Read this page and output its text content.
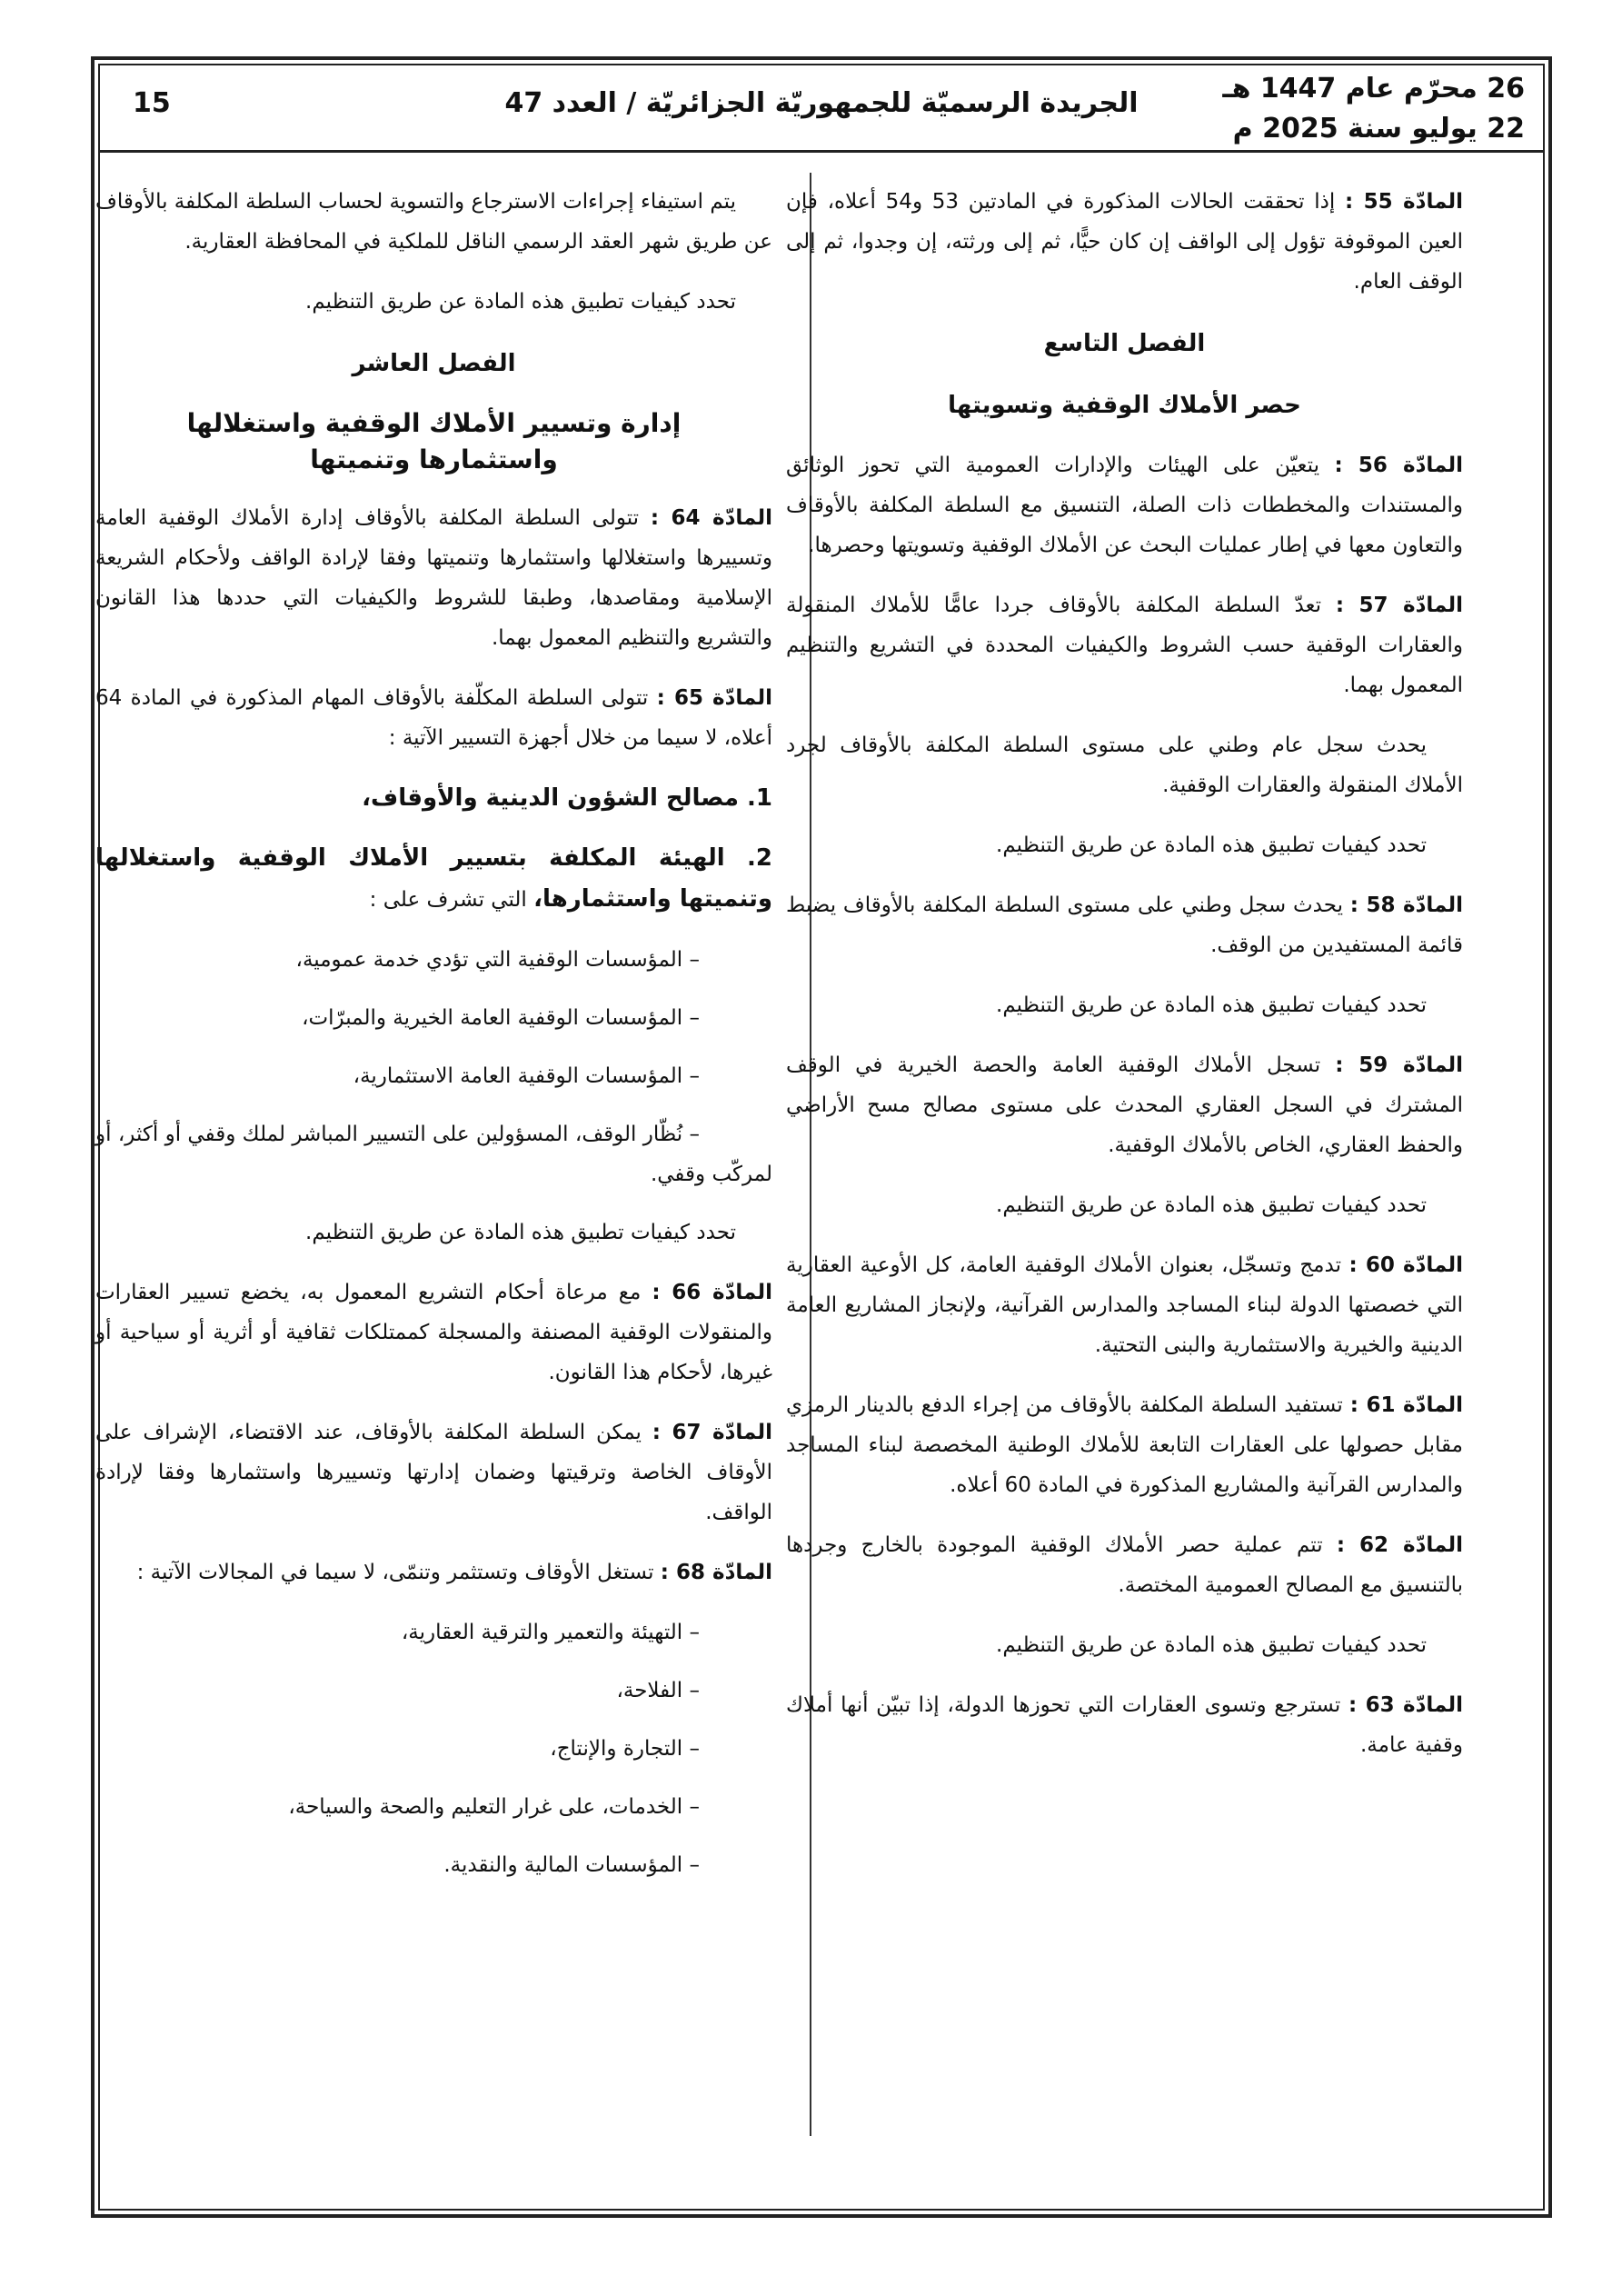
26 محرّم عام 1447 هـ
22 يوليو سنة 2025 م
الجريدة الرسميّة للجمهوريّة الجزائريّة / العدد 47
15

المادّة 55 : إذا تحققت الحالات المذكورة في المادتين 53 و54 أعلاه، فإن العين الموقوفة تؤول إلى الواقف إن كان حيًّا، ثم إلى ورثته، إن وجدوا، ثم إلى الوقف العام.

الفصل التاسع
حصر الأملاك الوقفية وتسويتها

المادّة 56 : يتعيّن على الهيئات والإدارات العمومية التي تحوز الوثائق والمستندات والمخططات ذات الصلة، التنسيق مع السلطة المكلفة بالأوقاف والتعاون معها في إطار عمليات البحث عن الأملاك الوقفية وتسويتها وحصرها.

المادّة 57 : تعدّ السلطة المكلفة بالأوقاف جردا عامًّا للأملاك المنقولة والعقارات الوقفية حسب الشروط والكيفيات المحددة في التشريع والتنظيم المعمول بهما.

يحدث سجل عام وطني على مستوى السلطة المكلفة بالأوقاف لجرد الأملاك المنقولة والعقارات الوقفية.

تحدد كيفيات تطبيق هذه المادة عن طريق التنظيم.

المادّة 58 : يحدث سجل وطني على مستوى السلطة المكلفة بالأوقاف يضبط قائمة المستفيدين من الوقف.

تحدد كيفيات تطبيق هذه المادة عن طريق التنظيم.

المادّة 59 : تسجل الأملاك الوقفية العامة والحصة الخيرية في الوقف المشترك في السجل العقاري المحدث على مستوى مصالح مسح الأراضي والحفظ العقاري، الخاص بالأملاك الوقفية.

تحدد كيفيات تطبيق هذه المادة عن طريق التنظيم.

المادّة 60 : تدمج وتسجّل، بعنوان الأملاك الوقفية العامة، كل الأوعية العقارية التي خصصتها الدولة لبناء المساجد والمدارس القرآنية، ولإنجاز المشاريع العامة الدينية والخيرية والاستثمارية والبنى التحتية.

المادّة 61 : تستفيد السلطة المكلفة بالأوقاف من إجراء الدفع بالدينار الرمزي مقابل حصولها على العقارات التابعة للأملاك الوطنية المخصصة لبناء المساجد والمدارس القرآنية والمشاريع المذكورة في المادة 60 أعلاه.

المادّة 62 : تتم عملية حصر الأملاك الوقفية الموجودة بالخارج وجردها بالتنسيق مع المصالح العمومية المختصة.

تحدد كيفيات تطبيق هذه المادة عن طريق التنظيم.

المادّة 63 : تسترجع وتسوى العقارات التي تحوزها الدولة، إذا تبيّن أنها أملاك وقفية عامة.

يتم استيفاء إجراءات الاسترجاع والتسوية لحساب السلطة المكلفة بالأوقاف عن طريق شهر العقد الرسمي الناقل للملكية في المحافظة العقارية.

تحدد كيفيات تطبيق هذه المادة عن طريق التنظيم.

الفصل العاشر
إدارة وتسيير الأملاك الوقفية واستغلالها
واستثمارها وتنميتها

المادّة 64 : تتولى السلطة المكلفة بالأوقاف إدارة الأملاك الوقفية العامة وتسييرها واستغلالها واستثمارها وتنميتها وفقا لإرادة الواقف ولأحكام الشريعة الإسلامية ومقاصدها، وطبقا للشروط والكيفيات التي حددها هذا القانون والتشريع والتنظيم المعمول بهما.

المادّة 65 : تتولى السلطة المكلّفة بالأوقاف المهام المذكورة في المادة 64 أعلاه، لا سيما من خلال أجهزة التسيير الآتية :

1. مصالح الشؤون الدينية والأوقاف،

2. الهيئة المكلفة بتسيير الأملاك الوقفية واستغلالها وتنميتها واستثمارها، التي تشرف على :

– المؤسسات الوقفية التي تؤدي خدمة عمومية،

– المؤسسات الوقفية العامة الخيرية والمبرّات،

– المؤسسات الوقفية العامة الاستثمارية،

– نُظّار الوقف، المسؤولين على التسيير المباشر لملك وقفي أو أكثر، أو لمركّب وقفي.

تحدد كيفيات تطبيق هذه المادة عن طريق التنظيم.

المادّة 66 : مع مرعاة أحكام التشريع المعمول به، يخضع تسيير العقارات والمنقولات الوقفية المصنفة والمسجلة كممتلكات ثقافية أو أثرية أو سياحية أو غيرها، لأحكام هذا القانون.

المادّة 67 : يمكن السلطة المكلفة بالأوقاف، عند الاقتضاء، الإشراف على الأوقاف الخاصة وترقيتها وضمان إدارتها وتسييرها واستثمارها وفقا لإرادة الواقف.

المادّة 68 : تستغل الأوقاف وتستثمر وتنمّى، لا سيما في المجالات الآتية :

– التهيئة والتعمير والترقية العقارية،

– الفلاحة،

– التجارة والإنتاج،

– الخدمات، على غرار التعليم والصحة والسياحة،

– المؤسسات المالية والنقدية.
